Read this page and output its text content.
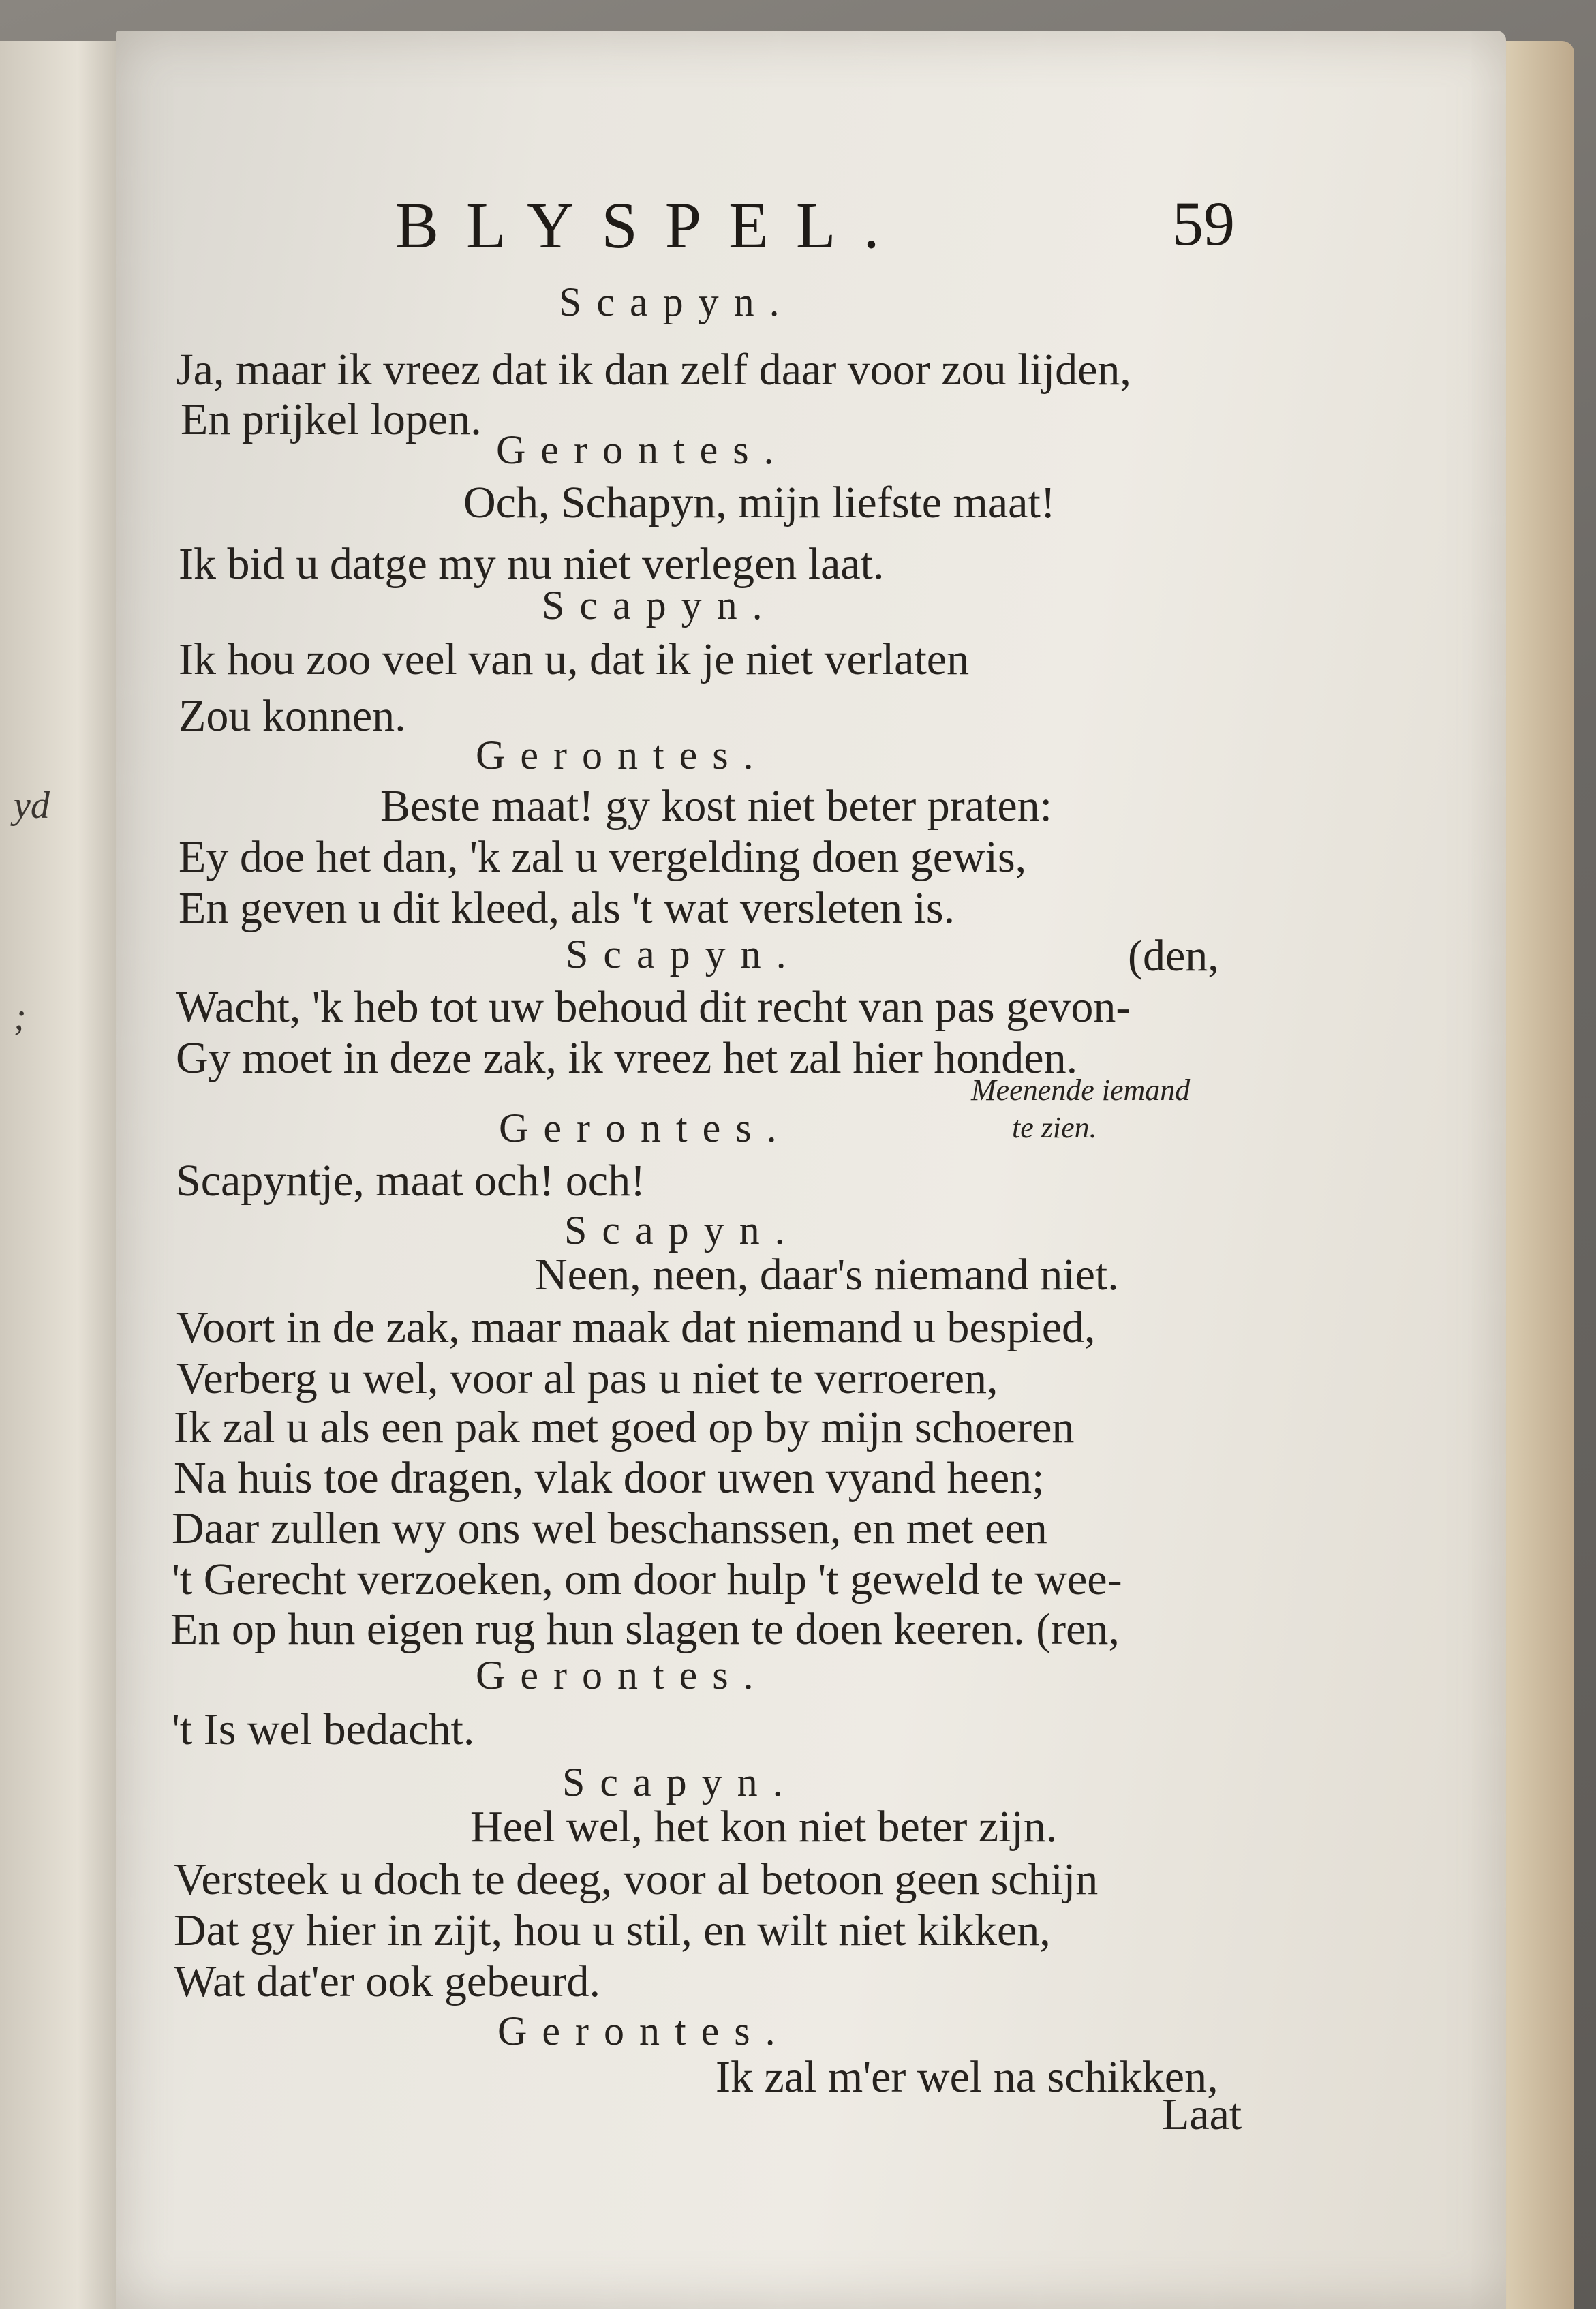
yd
;
BLYSPEL.	59
Scapyn.
Ja, maar ik vreez dat ik dan zelf daar voor zou lijden,
En prijkel lopen.
Gerontes.
Och, Schapyn, mijn liefste maat!
Ik bid u datge my nu niet verlegen laat.
Scapyn.
Ik hou zoo veel van u, dat ik je niet verlaten
Zou konnen.
Gerontes.
Beste maat! gy kost niet beter praten:
Ey doe het dan, 'k zal u vergelding doen gewis,
En geven u dit kleed, als 't wat versleten is.
Scapyn.	(den,
Wacht, 'k heb tot uw behoud dit recht van pas gevon-
Gy moet in deze zak, ik vreez het zal hier honden.
Meenende iemand
Gerontes.	te zien.
Scapyntje, maat och! och!
Scapyn.
Neen, neen, daar's niemand niet.
Voort in de zak, maar maak dat niemand u bespied,
Verberg u wel, voor al pas u niet te verroeren,
Ik zal u als een pak met goed op by mijn schoeren
Na huis toe dragen, vlak door uwen vyand heen;
Daar zullen wy ons wel beschanssen, en met een
't Gerecht verzoeken, om door hulp 't geweld te wee-
En op hun eigen rug hun slagen te doen keeren. (ren,
Gerontes.
't Is wel bedacht.
Scapyn.
Heel wel, het kon niet beter zijn.
Versteek u doch te deeg, voor al betoon geen schijn
Dat gy hier in zijt, hou u stil, en wilt niet kikken,
Wat dat'er ook gebeurd.
Gerontes.
Ik zal m'er wel na schikken,
Laat
